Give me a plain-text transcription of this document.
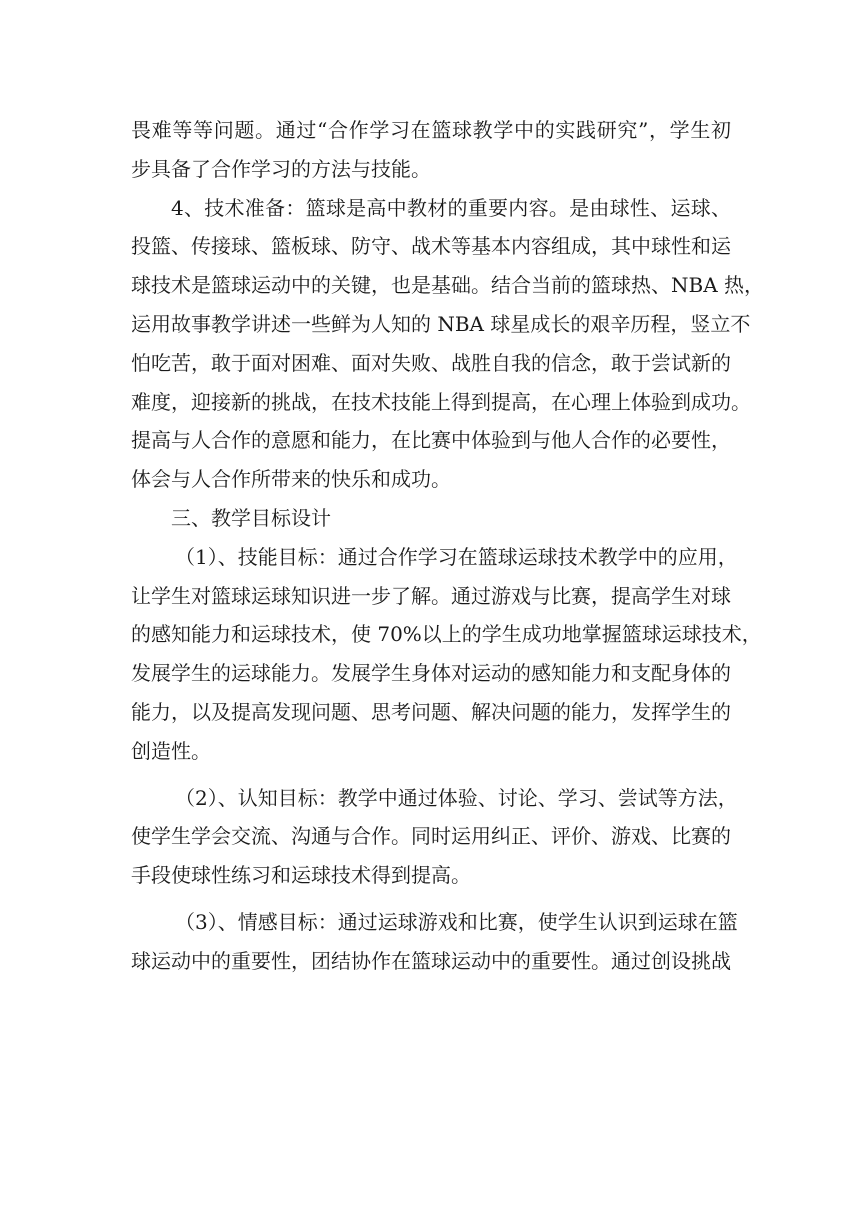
畏难等等问题。通过“合作学习在篮球教学中的实践研究”，学生初
步具备了合作学习的方法与技能。
4、技术准备：篮球是高中教材的重要内容。是由球性、运球、
投篮、传接球、篮板球、防守、战术等基本内容组成，其中球性和运
球技术是篮球运动中的关键，也是基础。结合当前的篮球热、NBA 热，
运用故事教学讲述一些鲜为人知的 NBA 球星成长的艰辛历程，竖立不
怕吃苦，敢于面对困难、面对失败、战胜自我的信念，敢于尝试新的
难度，迎接新的挑战，在技术技能上得到提高，在心理上体验到成功。
提高与人合作的意愿和能力，在比赛中体验到与他人合作的必要性，
体会与人合作所带来的快乐和成功。
三、教学目标设计
（1）、技能目标：通过合作学习在篮球运球技术教学中的应用，
让学生对篮球运球知识进一步了解。通过游戏与比赛，提高学生对球
的感知能力和运球技术，使 70%以上的学生成功地掌握篮球运球技术，
发展学生的运球能力。发展学生身体对运动的感知能力和支配身体的
能力，以及提高发现问题、思考问题、解决问题的能力，发挥学生的
创造性。
（2）、认知目标：教学中通过体验、讨论、学习、尝试等方法，
使学生学会交流、沟通与合作。同时运用纠正、评价、游戏、比赛的
手段使球性练习和运球技术得到提高。
（3）、情感目标：通过运球游戏和比赛，使学生认识到运球在篮
球运动中的重要性，团结协作在篮球运动中的重要性。通过创设挑战
